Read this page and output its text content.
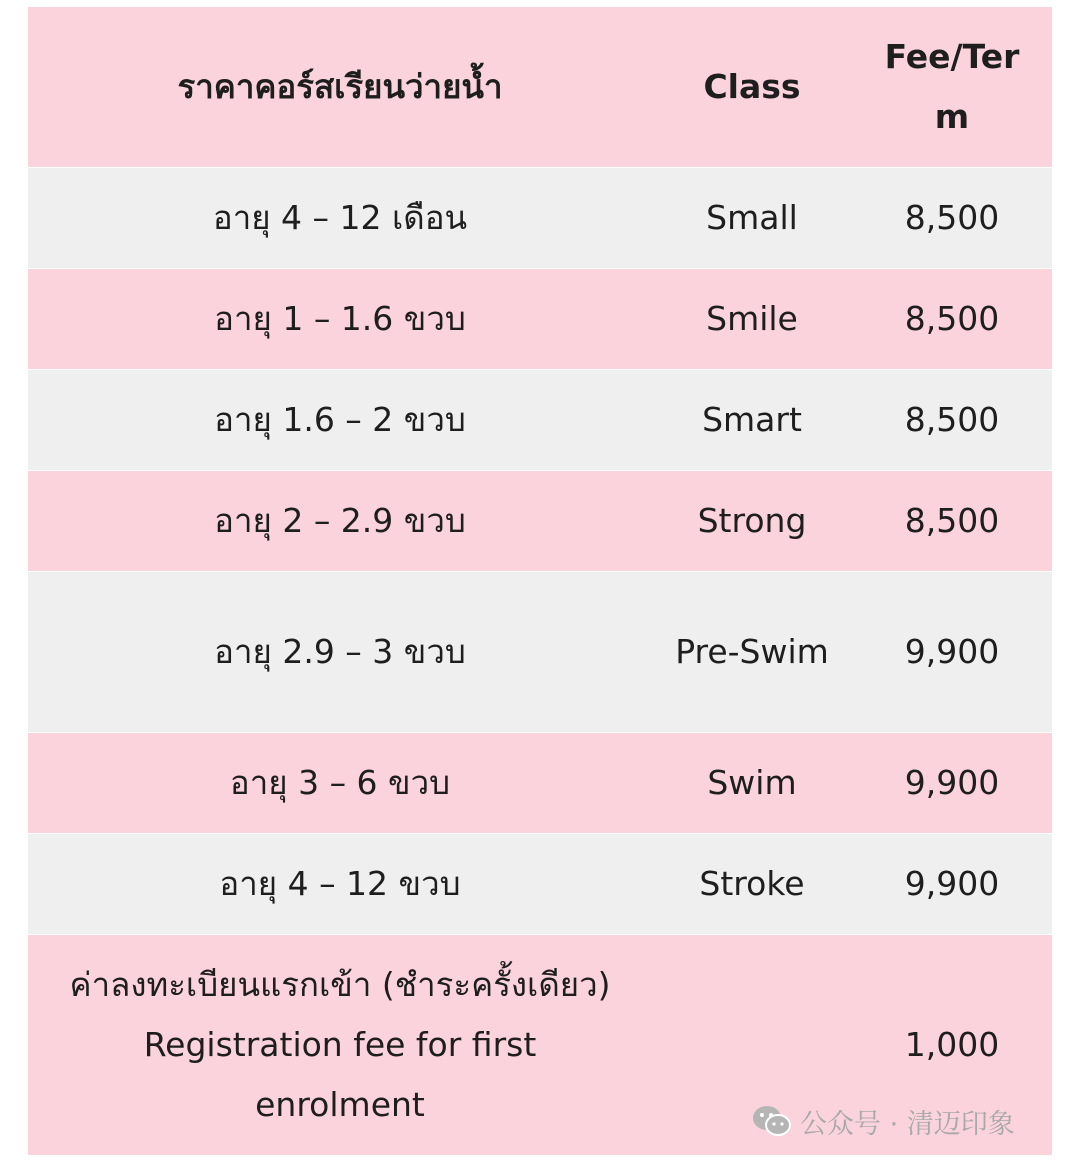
ราคาคอร์สเรียนว่ายน้ำ	Class	Fee/Ter m
อายุ 4 – 12 เดือน	Small	8,500
อายุ 1 – 1.6 ขวบ	Smile	8,500
อายุ 1.6 – 2 ขวบ	Smart	8,500
อายุ 2 – 2.9 ขวบ	Strong	8,500
อายุ 2.9 – 3 ขวบ	Pre-Swim	9,900
อายุ 3 – 6 ขวบ	Swim	9,900
อายุ 4 – 12 ขวบ	Stroke	9,900

ค่าลงทะเบียนแรกเข้า (ชำระครั้งเดียว)
Registration fee for first enrolment		1,000
公众号 · 清迈印象
